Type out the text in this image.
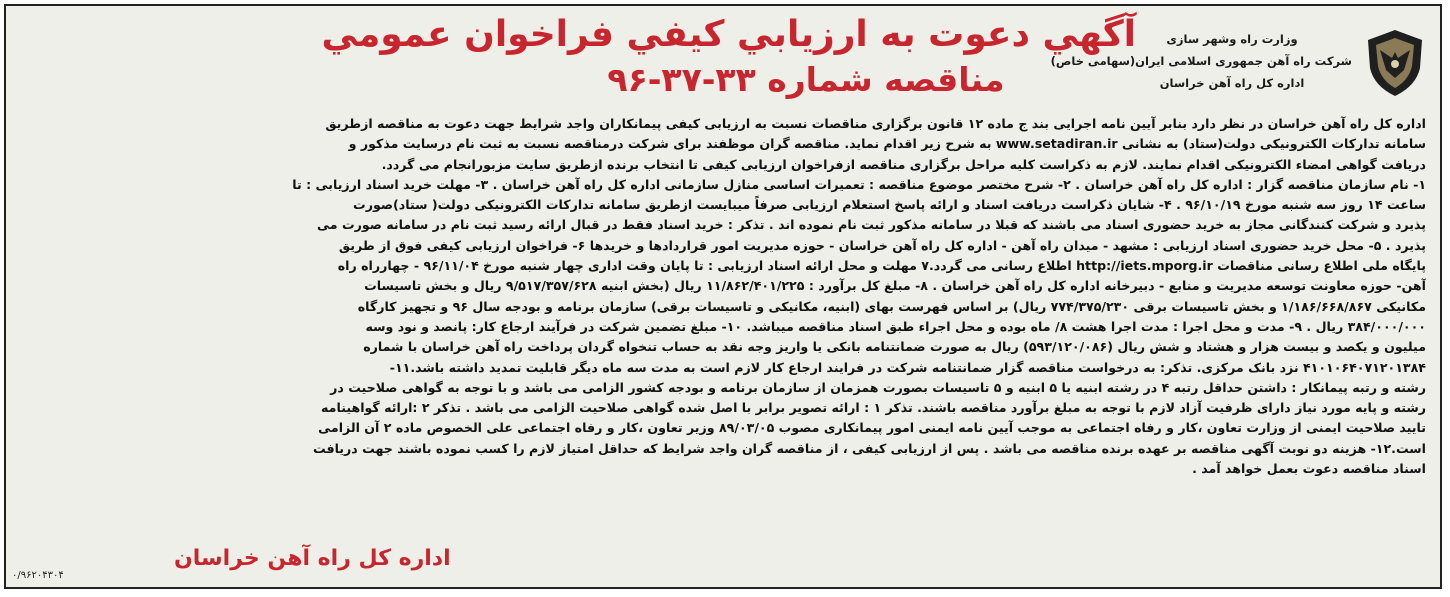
آگهي دعوت به ارزيابي کيفي فراخوان عمومي
مناقصه شماره ۳۳-۳۷-۹۶
وزارت راه وشهر سازی
شرکت راه آهن جمهوری اسلامی ایران(سهامی خاص)
اداره کل راه آهن خراسان

اداره کل راه آهن خراسان در نظر دارد بنابر آیین نامه اجرایی بند ج ماده ۱۲ قانون برگزاری مناقصات نسبت به ارزیابی کیفی پیمانکاران واجد شرایط جهت دعوت به مناقصه ازطریق

سامانه تدارکات الکترونیکی دولت(ستاد) به نشانی www.setadiran.ir به شرح زیر اقدام نماید. مناقصه گران موظفند برای شرکت درمناقصه نسبت به ثبت نام درسایت مذکور و

دریافت گواهی امضاء الکترونیکی اقدام نمایند. لازم به ذکراست کلیه مراحل برگزاری مناقصه ازفراخوان ارزیابی کیفی تا انتخاب برنده ازطریق سایت مزبورانجام می گردد.

۱- نام سازمان مناقصه گزار : اداره کل راه آهن خراسان . ۲- شرح مختصر موضوع مناقصه : تعمیرات اساسی منازل سازمانی اداره کل راه آهن خراسان . ۳- مهلت خرید اسناد ارزیابی : تا

ساعت ۱۴ روز سه شنبه مورخ ۹۶/۱۰/۱۹ . ۴- شایان ذکراست دریافت اسناد و ارائه پاسخ استعلام ارزیابی صرفاً میبایست ازطریق سامانه تدارکات الکترونیکی دولت( ستاد)صورت

پذیرد و شرکت کنندگانی مجاز به خرید حضوری اسناد می باشند که قبلا در سامانه مذکور ثبت نام نموده اند . تذکر : خرید اسناد فقط در قبال ارائه رسید ثبت نام در سامانه صورت می

پذیرد . ۵- محل خرید حضوری اسناد ارزیابی : مشهد - میدان راه آهن - اداره کل راه آهن خراسان - حوزه مدیریت امور قراردادها و خریدها ۶- فراخوان ارزیابی کیفی فوق از طریق

پایگاه ملی اطلاع رسانی مناقصات http://iets.mporg.ir اطلاع رسانی می گردد.۷ مهلت و محل ارائه اسناد ارزیابی : تا پایان وقت اداری چهار شنبه مورخ ۹۶/۱۱/۰۴ - چهارراه راه

آهن- حوزه معاونت توسعه مدیریت و منابع - دبیرخانه اداره کل راه آهن خراسان . ۸- مبلغ کل برآورد : ۱۱/۸۶۲/۴۰۱/۲۲۵ ریال (بخش ابنیه ۹/۵۱۷/۳۵۷/۶۲۸ ریال و بخش تاسیسات

مکانیکی ۱/۱۸۶/۶۶۸/۸۶۷ و بخش تاسیسات برقی ۷۷۴/۳۷۵/۲۳۰ ریال) بر اساس فهرست بهای (ابنیه، مکانیکی و تاسیسات برقی) سازمان برنامه و بودجه سال ۹۶ و تجهیز کارگاه

۳۸۴/۰۰۰/۰۰۰ ریال . ۹- مدت و محل اجرا : مدت اجرا هشت ۸/ ماه بوده و محل اجراء طبق اسناد مناقصه میباشد. ۱۰- مبلغ تضمین شرکت در فرآیند ارجاع کار: پانصد و نود وسه

میلیون و یکصد و بیست هزار و هشتاد و شش ریال (۵۹۳/۱۲۰/۰۸۶) ریال به صورت ضمانتنامه بانکی یا واریز وجه نقد به حساب تنخواه گردان پرداخت راه آهن خراسان با شماره

۴۱۰۱۰۶۴۰۷۱۲۰۱۳۸۴ نزد بانک مرکزی. تذکر: به درخواست مناقصه گزار ضمانتنامه شرکت در فرایند ارجاع کار لازم است به مدت سه ماه دیگر قابلیت تمدید داشته باشد.۱۱-

رشته و رتبه پیمانکار : داشتن حداقل رتبه ۴ در رشته ابنیه یا ۵ ابنیه و ۵ تاسیسات بصورت همزمان از سازمان برنامه و بودجه کشور الزامی می باشد و با توجه به گواهی صلاحیت در

رشته و پایه مورد نیاز دارای ظرفیت آزاد لازم با توجه به مبلغ برآورد مناقصه باشند. تذکر ۱ : ارائه تصویر برابر با اصل شده گواهی صلاحیت الزامی می باشد . تذکر ۲ :ارائه گواهینامه

تایید صلاحیت ایمنی از وزارت تعاون ،کار و رفاه اجتماعی به موجب آیین نامه ایمنی امور پیمانکاری مصوب ۸۹/۰۳/۰۵ وزیر تعاون ،کار و رفاه اجتماعی علی الخصوص ماده ۲ آن الزامی

است.۱۲- هزینه دو نوبت آگهی مناقصه بر عهده برنده مناقصه می باشد . پس از ارزیابی کیفی ، از مناقصه گران واجد شرایط که حداقل امتیاز لازم را کسب نموده باشند جهت دریافت

اسناد مناقصه دعوت بعمل خواهد آمد .

اداره کل راه آهن خراسان
۰/۹۶۲۰۴۳۰۴
